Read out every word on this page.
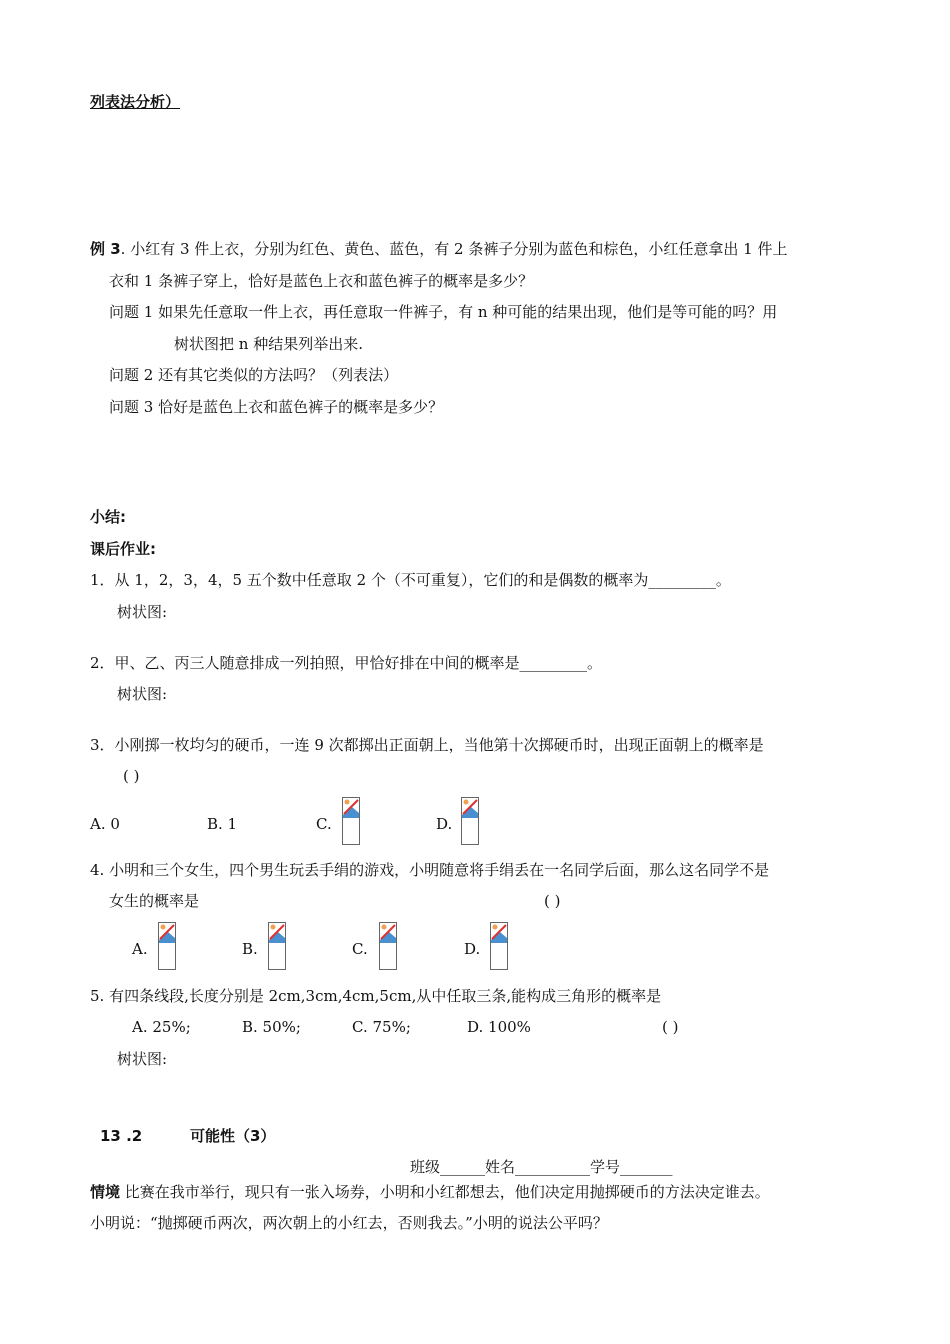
列表法分析）
例 3. 小红有 3 件上衣，分别为红色、黄色、蓝色，有 2 条裤子分别为蓝色和棕色，小红任意拿出 1 件上
衣和 1 条裤子穿上，恰好是蓝色上衣和蓝色裤子的概率是多少？
问题 1 如果先任意取一件上衣，再任意取一件裤子，有 n 种可能的结果出现，他们是等可能的吗？用
树状图把 n 种结果列举出来.
问题 2 还有其它类似的方法吗？（列表法）
问题 3 恰好是蓝色上衣和蓝色裤子的概率是多少？
小结:
课后作业:
1．从 1，2，3，4，5 五个数中任意取 2 个（不可重复），它们的和是偶数的概率为_________。
树状图:
2．甲、乙、丙三人随意排成一列拍照，甲恰好排在中间的概率是_________。
树状图:
3．小刚掷一枚均匀的硬币，一连 9 次都掷出正面朝上，当他第十次掷硬币时，出现正面朝上的概率是
( )
A. 0	B. 1	C.	D.
4. 小明和三个女生，四个男生玩丢手绢的游戏，小明随意将手绢丢在一名同学后面，那么这名同学不是
女生的概率是	( )
A.	B.	C.	D.
5. 有四条线段,长度分别是 2cm,3cm,4cm,5cm,从中任取三条,能构成三角形的概率是
A. 25%;	B. 50%;	C. 75%;	D. 100%	( )
树状图:
13 .2	可能性（3）
班级______姓名__________学号_______
情境 比赛在我市举行，现只有一张入场券，小明和小红都想去，他们决定用抛掷硬币的方法决定谁去。
小明说：“抛掷硬币两次，两次朝上的小红去，否则我去。”小明的说法公平吗？
